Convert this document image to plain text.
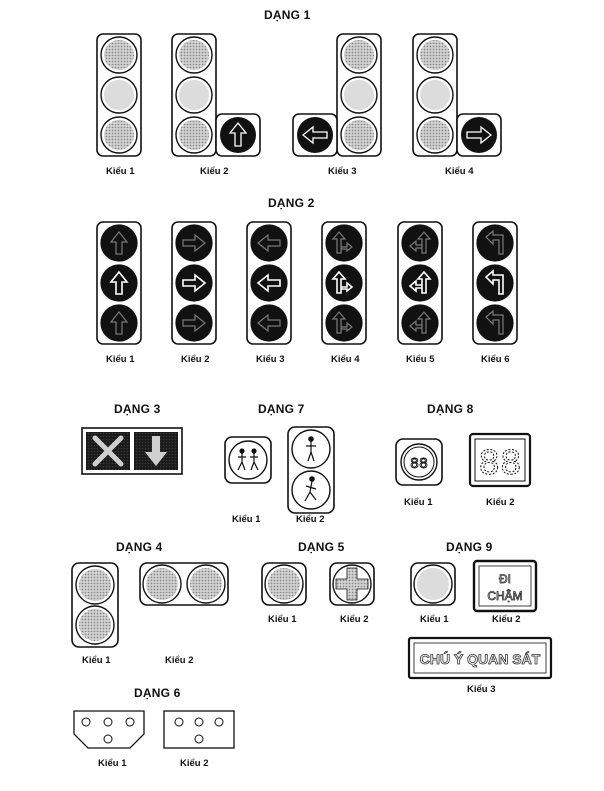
88 88
ĐI
CHẬM
CHÚ Ý QUAN SÁT
DẠNG 1
DẠNG 2
DẠNG 3	DẠNG 7	DẠNG 8
DẠNG 4	DẠNG 5	DẠNG 9
DẠNG 6
Kiểu 1	Kiểu 2	Kiểu 3	Kiểu 4
Kiểu 1	Kiểu 2	Kiểu 3	Kiểu 4	Kiểu 5	Kiểu 6
Kiểu 1	Kiểu 2
Kiểu 1	Kiểu 2
Kiểu 1	Kiểu 2
Kiểu 1	Kiểu 2	Kiểu 1	Kiểu 2
Kiểu 3
Kiểu 1	Kiểu 2
